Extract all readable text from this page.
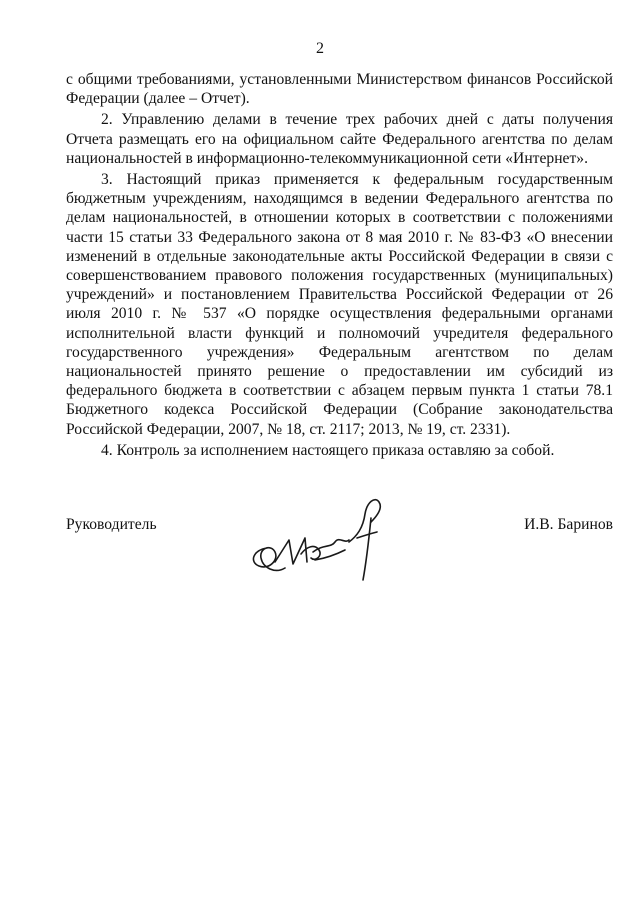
2

с общими требованиями, установленными Министерством финансов Российской Федерации (далее – Отчет).

2. Управлению делами в течение трех рабочих дней с даты получения Отчета размещать его на официальном сайте Федерального агентства по делам национальностей в информационно-телекоммуникационной сети «Интернет».

3. Настоящий приказ применяется к федеральным государственным бюджетным учреждениям, находящимся в ведении Федерального агентства по делам национальностей, в отношении которых в соответствии с положениями части 15 статьи 33 Федерального закона от 8 мая 2010 г. № 83-ФЗ «О внесении изменений в отдельные законодательные акты Российской Федерации в связи с совершенствованием правового положения государственных (муниципальных) учреждений» и постановлением Правительства Российской Федерации от 26 июля 2010 г. № 537 «О порядке осуществления федеральными органами исполнительной власти функций и полномочий учредителя федерального государственного учреждения» Федеральным агентством по делам национальностей принято решение о предоставлении им субсидий из федерального бюджета в соответствии с абзацем первым пункта 1 статьи 78.1 Бюджетного кодекса Российской Федерации (Собрание законодательства Российской Федерации, 2007, № 18, ст. 2117; 2013, № 19, ст. 2331).

4. Контроль за исполнением настоящего приказа оставляю за собой.

Руководитель	И.В. Баринов
